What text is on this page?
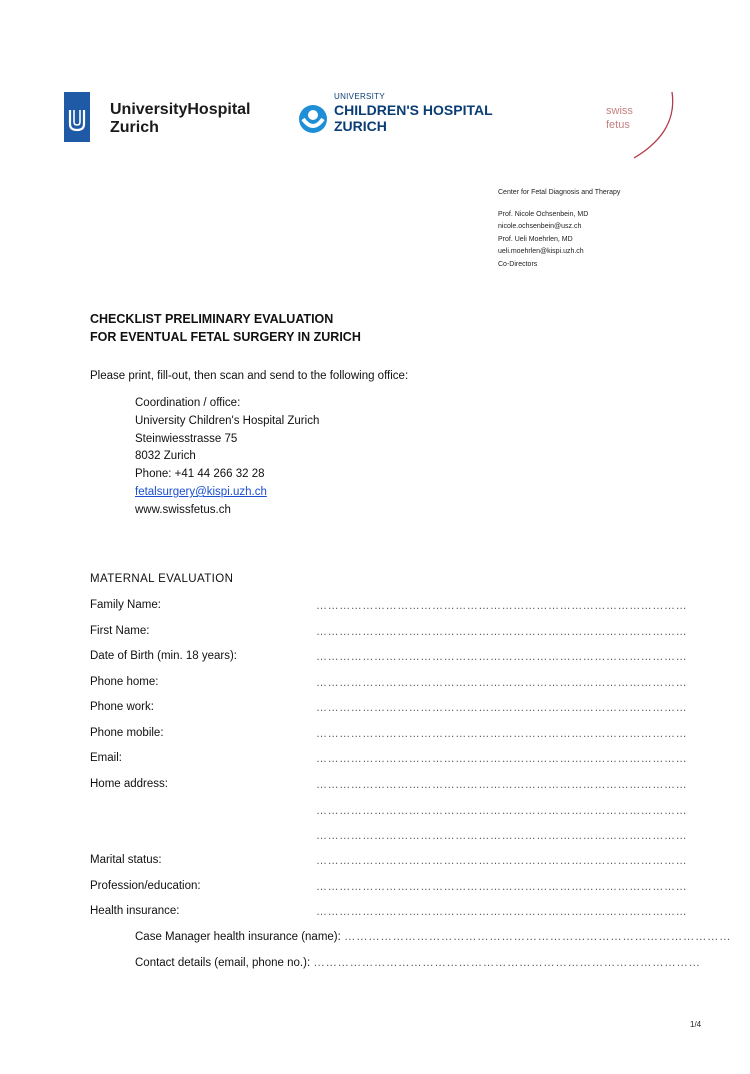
UniversityHospital
Zurich
UNIVERSITY
CHILDREN'S HOSPITAL
ZURICH
swiss
fetus
Center for Fetal Diagnosis and Therapy
Prof. Nicole Ochsenbein, MD
nicole.ochsenbein@usz.ch
Prof. Ueli Moehrlen, MD
ueli.moehrlen@kispi.uzh.ch
Co-Directors
CHECKLIST PRELIMINARY EVALUATION
FOR EVENTUAL FETAL SURGERY IN ZURICH
Please print, fill-out, then scan and send to the following office:
Coordination / office:
University Children's Hospital Zurich
Steinwiesstrasse 75
8032 Zurich
Phone: +41 44 266 32 28
fetalsurgery@kispi.uzh.ch
www.swissfetus.ch
MATERNAL EVALUATION
Family Name:	……………………………………………………………………………………
First Name:	……………………………………………………………………………………
Date of Birth (min. 18 years):	……………………………………………………………………………………
Phone home:	……………………………………………………………………………………
Phone work:	……………………………………………………………………………………
Phone mobile:	……………………………………………………………………………………
Email:	……………………………………………………………………………………
Home address:	……………………………………………………………………………………
……………………………………………………………………………………
……………………………………………………………………………………
Marital status:	……………………………………………………………………………………
Profession/education:	……………………………………………………………………………………
Health insurance:	……………………………………………………………………………………
Case Manager health insurance (name): ……………………………………………………………………………………
Contact details (email, phone no.): ……………………………………………………………………………………
1/4
